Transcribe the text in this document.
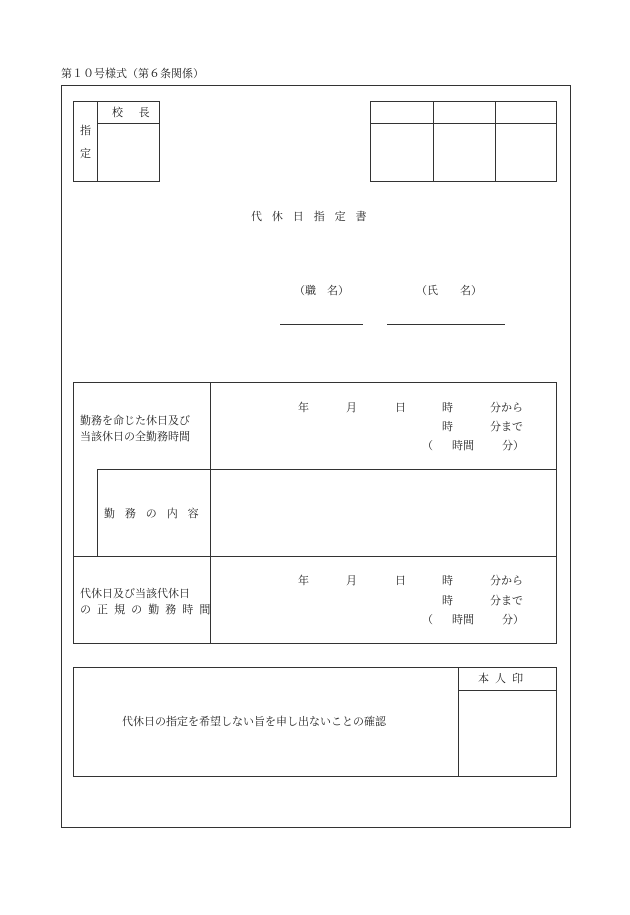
第１０号様式（第６条関係）
指
定
校 長
代休日指定書
（職　名）	（氏　　名）
勤務を命じた休日及び
当該休日の全勤務時間
年	月	日	時	分から
時	分まで
（ 時間	分）
勤務の内容
代休日及び当該代休日
の正規の勤務時間
年	月	日	時	分から
時	分まで
（ 時間	分）
代休日の指定を希望しない旨を申し出ないことの確認
本人印
